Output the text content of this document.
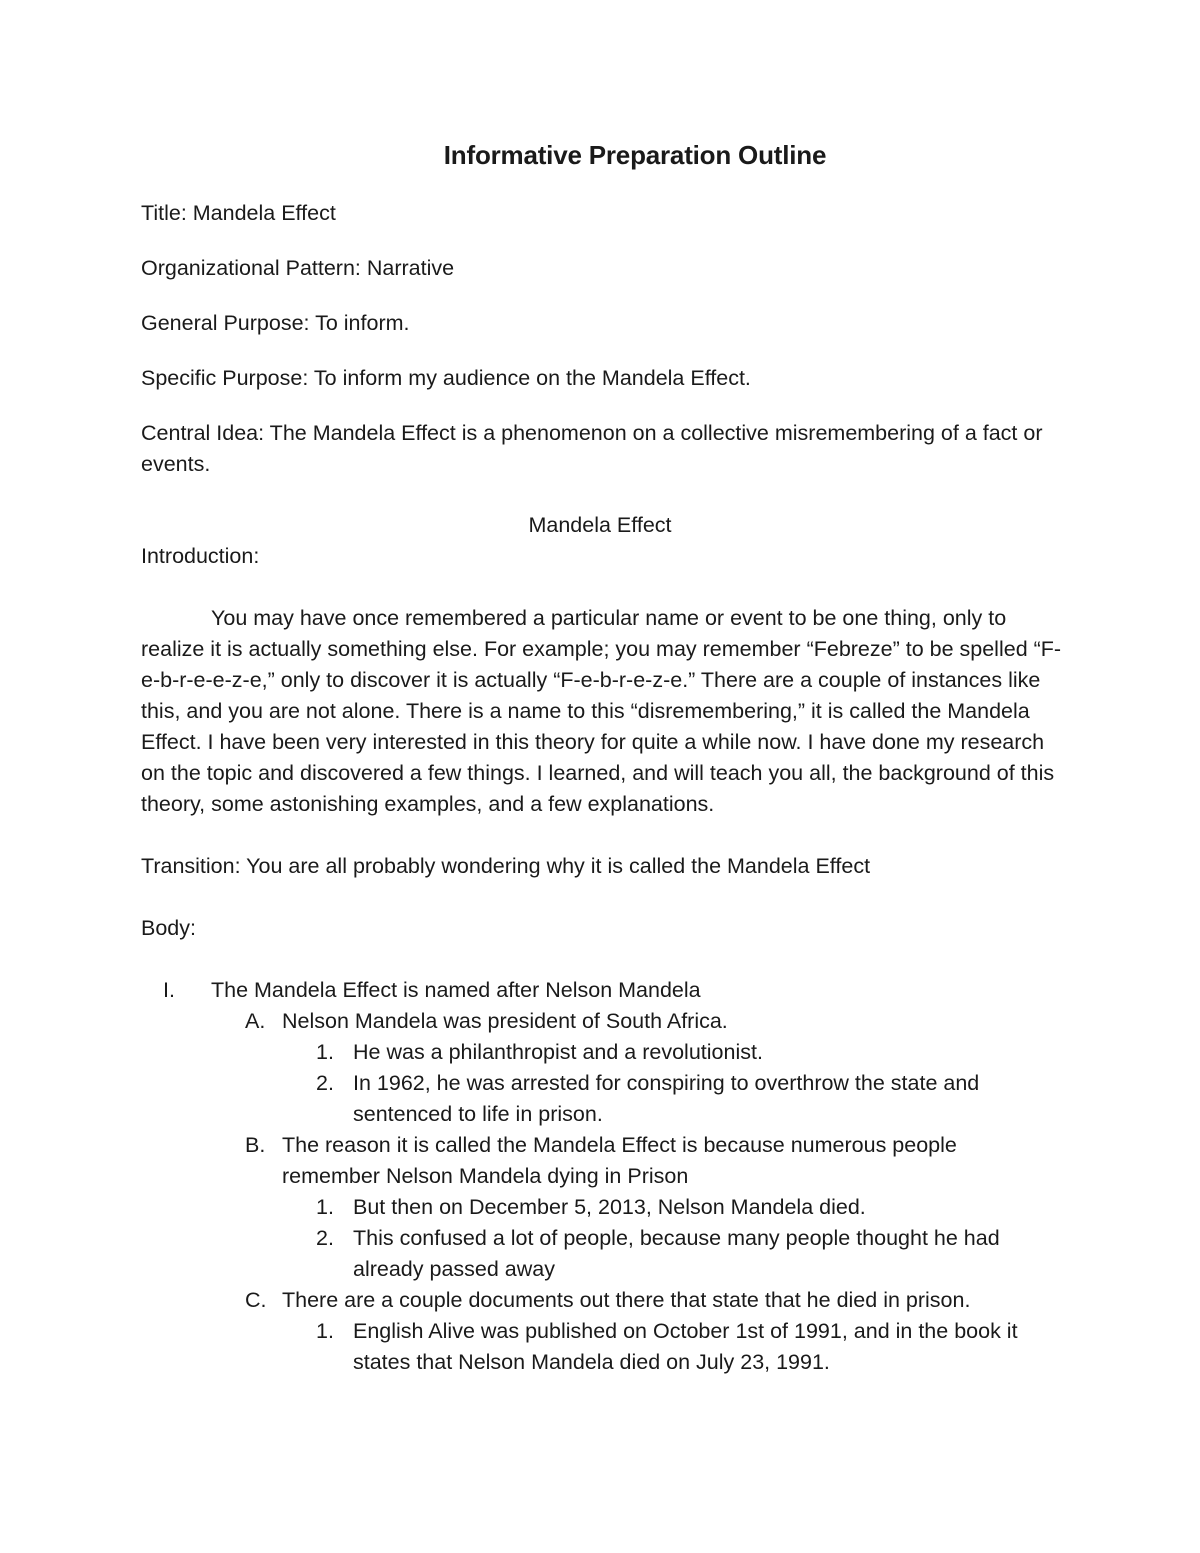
Informative Preparation Outline

Title: Mandela Effect

Organizational Pattern: Narrative

General Purpose: To inform.

Specific Purpose: To inform my audience on the Mandela Effect.

Central Idea: The Mandela Effect is a phenomenon on a collective misremembering of a fact or events.

Mandela Effect

Introduction:

You may have once remembered a particular name or event to be one thing, only to realize it is actually something else. For example; you may remember “Febreze” to be spelled “F-e-b-r-e-e-z-e,” only to discover it is actually “F-e-b-r-e-z-e.” There are a couple of instances like this, and you are not alone. There is a name to this “disremembering,” it is called the Mandela Effect. I have been very interested in this theory for quite a while now. I have done my research on the topic and discovered a few things. I learned, and will teach you all, the background of this theory, some astonishing examples, and a few explanations.

Transition: You are all probably wondering why it is called the Mandela Effect

Body:

I.	The Mandela Effect is named after Nelson Mandela
A. Nelson Mandela was president of South Africa.
1. He was a philanthropist and a revolutionist.
2. In 1962, he was arrested for conspiring to overthrow the state and sentenced to life in prison.
B. The reason it is called the Mandela Effect is because numerous people remember Nelson Mandela dying in Prison
1. But then on December 5, 2013, Nelson Mandela died.
2. This confused a lot of people, because many people thought he had already passed away
C. There are a couple documents out there that state that he died in prison.
1. English Alive was published on October 1st of 1991, and in the book it states that Nelson Mandela died on July 23, 1991.
